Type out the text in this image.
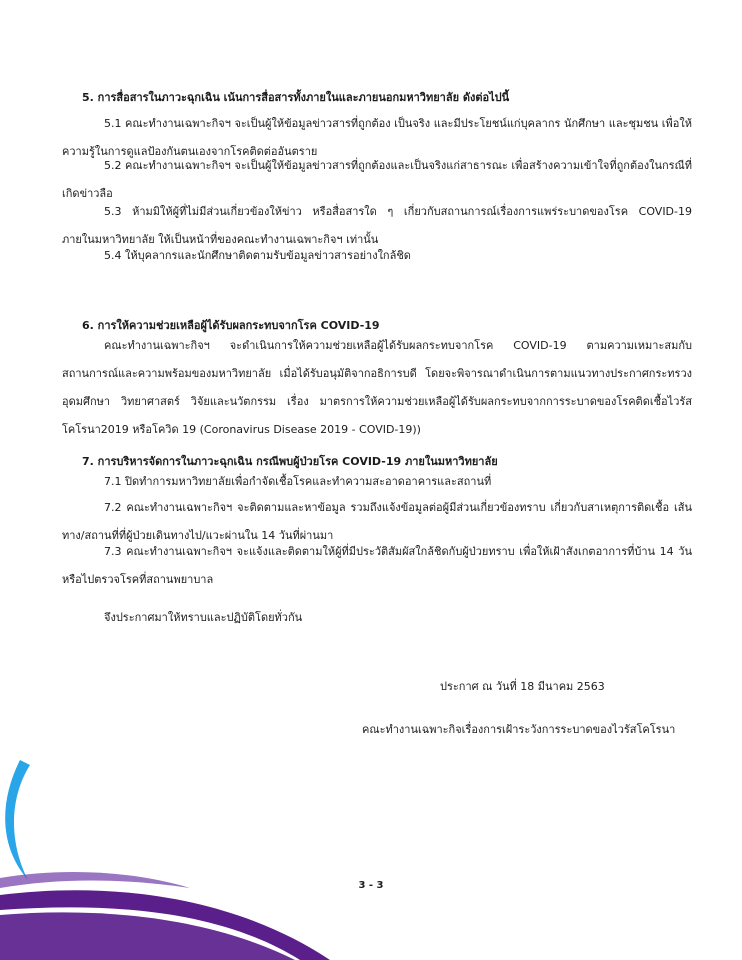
5. การสื่อสารในภาวะฉุกเฉิน เน้นการสื่อสารทั้งภายในและภายนอกมหาวิทยาลัย ดังต่อไปนี้

5.1 คณะทำงานเฉพาะกิจฯ จะเป็นผู้ให้ข้อมูลข่าวสารที่ถูกต้อง เป็นจริง และมีประโยชน์แก่บุคลากร นักศึกษา และชุมชน เพื่อให้ความรู้ในการดูแลป้องกันตนเองจากโรคติดต่ออันตราย

5.2 คณะทำงานเฉพาะกิจฯ จะเป็นผู้ให้ข้อมูลข่าวสารที่ถูกต้องและเป็นจริงแก่สาธารณะ เพื่อสร้างความเข้าใจที่ถูกต้องในกรณีที่เกิดข่าวลือ

5.3 ห้ามมิให้ผู้ที่ไม่มีส่วนเกี่ยวข้องให้ข่าว หรือสื่อสารใด ๆ เกี่ยวกับสถานการณ์เรื่องการแพร่ระบาดของโรค COVID-19 ภายในมหาวิทยาลัย ให้เป็นหน้าที่ของคณะทำงานเฉพาะกิจฯ เท่านั้น

5.4 ให้บุคลากรและนักศึกษาติดตามรับข้อมูลข่าวสารอย่างใกล้ชิด

6. การให้ความช่วยเหลือผู้ได้รับผลกระทบจากโรค COVID-19

คณะทำงานเฉพาะกิจฯ จะดำเนินการให้ความช่วยเหลือผู้ได้รับผลกระทบจากโรค COVID-19 ตามความเหมาะสมกับสถานการณ์และความพร้อมของมหาวิทยาลัย เมื่อได้รับอนุมัติจากอธิการบดี โดยจะพิจารณาดำเนินการตามแนวทางประกาศกระทรวงอุดมศึกษา วิทยาศาสตร์ วิจัยและนวัตกรรม เรื่อง มาตรการให้ความช่วยเหลือผู้ได้รับผลกระทบจากการระบาดของโรคติดเชื้อไวรัสโคโรนา2019 หรือโควิด 19 (Coronavirus Disease 2019 - COVID-19))

7. การบริหารจัดการในภาวะฉุกเฉิน กรณีพบผู้ป่วยโรค COVID-19 ภายในมหาวิทยาลัย

7.1 ปิดทำการมหาวิทยาลัยเพื่อกำจัดเชื้อโรคและทำความสะอาดอาคารและสถานที่

7.2 คณะทำงานเฉพาะกิจฯ จะติดตามและหาข้อมูล รวมถึงแจ้งข้อมูลต่อผู้มีส่วนเกี่ยวข้องทราบ เกี่ยวกับสาเหตุการติดเชื้อ เส้นทาง/สถานที่ที่ผู้ป่วยเดินทางไป/แวะผ่านใน 14 วันที่ผ่านมา

7.3 คณะทำงานเฉพาะกิจฯ จะแจ้งและติดตามให้ผู้ที่มีประวัติสัมผัสใกล้ชิดกับผู้ป่วยทราบ เพื่อให้เฝ้าสังเกตอาการที่บ้าน 14 วัน หรือไปตรวจโรคที่สถานพยาบาล

จึงประกาศมาให้ทราบและปฏิบัติโดยทั่วกัน

ประกาศ ณ วันที่ 18 มีนาคม 2563

คณะทำงานเฉพาะกิจเรื่องการเฝ้าระวังการระบาดของไวรัสโคโรนา

3 - 3
